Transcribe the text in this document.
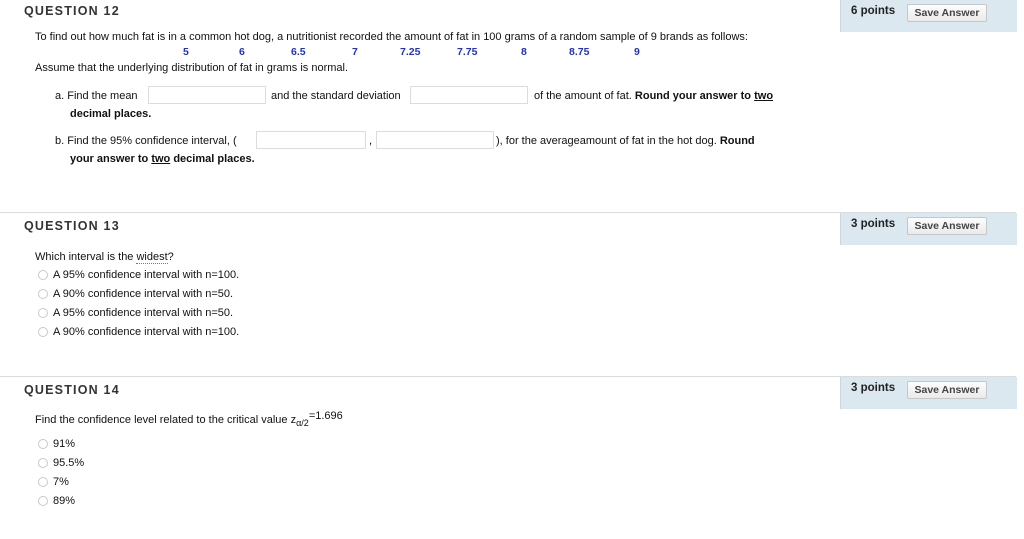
QUESTION 12	6 points	Save Answer
To find out how much fat is in a common hot dog, a nutritionist recorded the amount of fat in 100 grams of a random sample of 9 brands as follows:
5	6	6.5	7	7.25	7.75	8	8.75	9
Assume that the underlying distribution of fat in grams is normal.
a. Find the mean	and the standard deviation	of the amount of fat. Round your answer to two
decimal places.
b. Find the 95% confidence interval, (	,	), for the averageamount of fat in the hot dog. Round
your answer to two decimal places.
QUESTION 13	3 points	Save Answer
Which interval is the widest?
A 95% confidence interval with n=100.
A 90% confidence interval with n=50.
A 95% confidence interval with n=50.
A 90% confidence interval with n=100.
QUESTION 14	3 points	Save Answer
Find the confidence level related to the critical value $z_{\alpha/2}=1.696$
91%
95.5%
7%
89%
